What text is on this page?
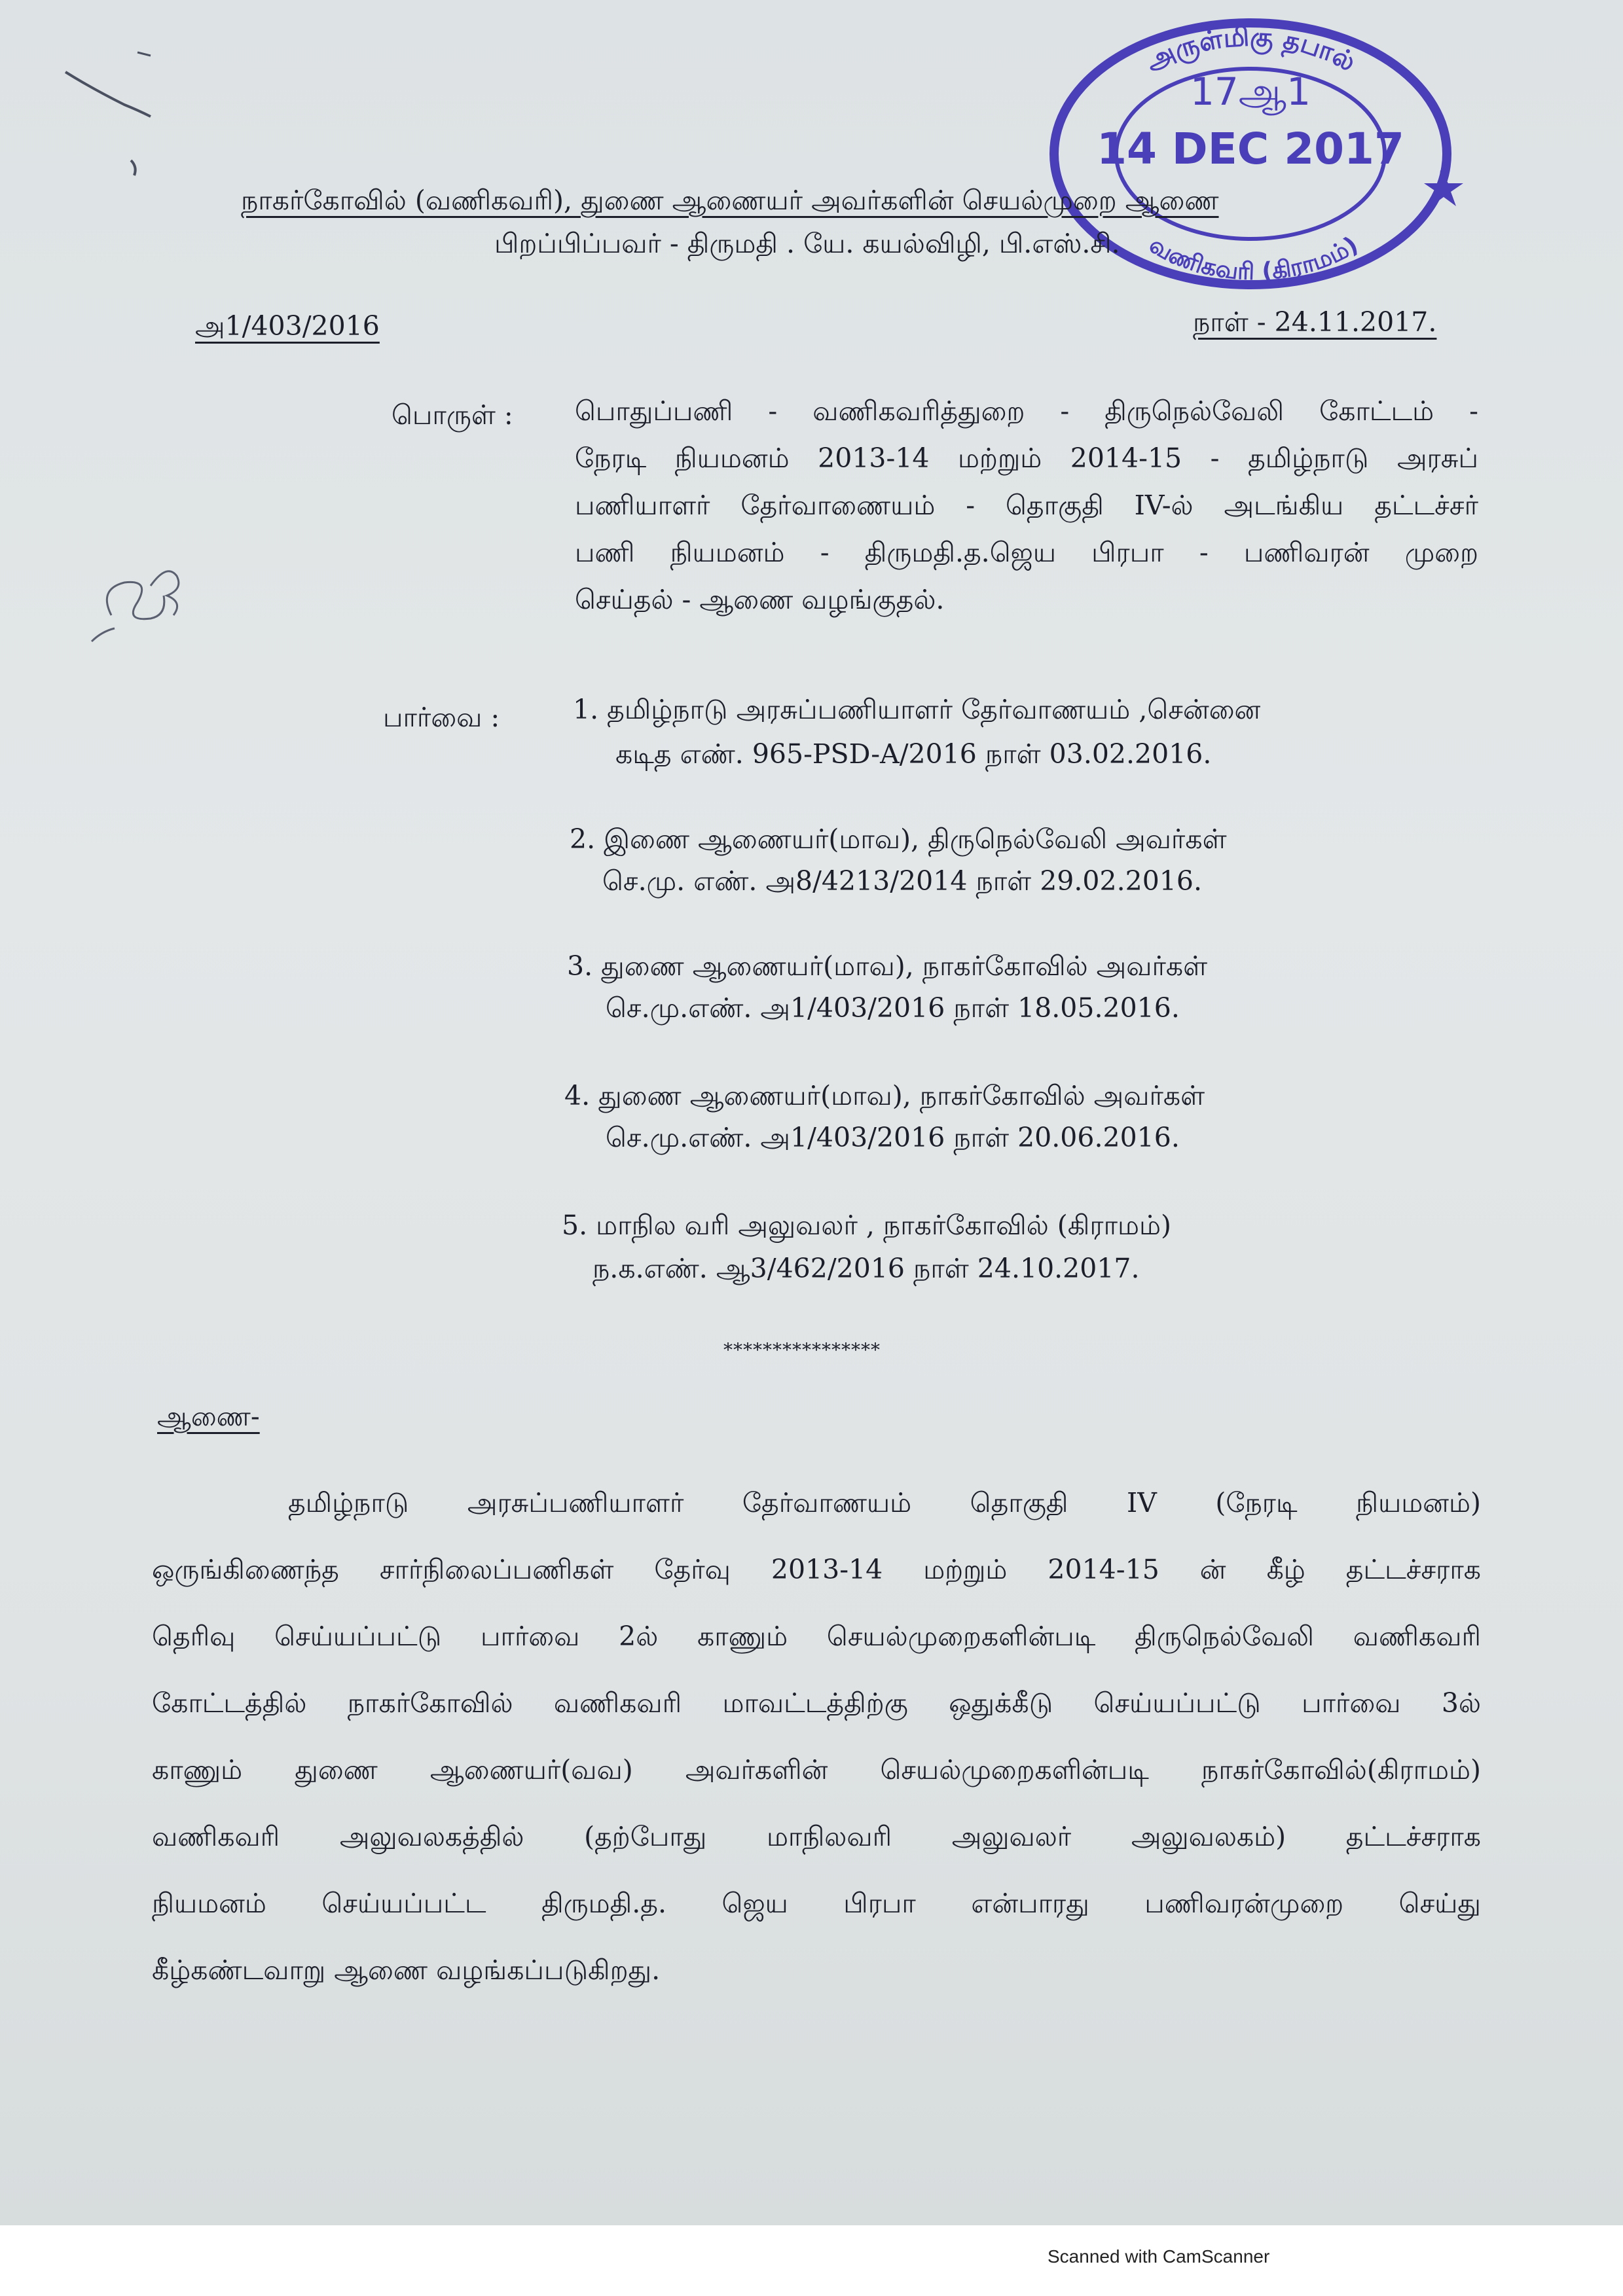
அருள்மிகு தபால்
வணிகவரி (கிராமம்)
17ஆ1
14 DEC 2017
நாகர்கோவில் (வணிகவரி), துணை ஆணையர் அவர்களின் செயல்முறை ஆணை
பிறப்பிப்பவர் - திருமதி . யே. கயல்விழி, பி.எஸ்.சி.
அ1/403/2016	நாள் - 24.11.2017.
பொருள் : பொதுப்பணி - வணிகவரித்துறை - திருநெல்வேலி கோட்டம் -
நேரடி நியமனம் 2013-14 மற்றும் 2014-15 - தமிழ்நாடு அரசுப்
பணியாளர் தேர்வாணையம் - தொகுதி IV-ல் அடங்கிய தட்டச்சர்
பணி நியமனம் - திருமதி.த.ஜெய பிரபா - பணிவரன் முறை
செய்தல் - ஆணை வழங்குதல்.
பார்வை :	1. தமிழ்நாடு அரசுப்பணியாளர் தேர்வாணயம் ,சென்னை
கடித எண். 965-PSD-A/2016 நாள் 03.02.2016.
2. இணை ஆணையர்(மாவ), திருநெல்வேலி அவர்கள்
செ.மு. எண். அ8/4213/2014 நாள் 29.02.2016.
3. துணை ஆணையர்(மாவ), நாகர்கோவில் அவர்கள்
செ.மு.எண். அ1/403/2016 நாள் 18.05.2016.
4. துணை ஆணையர்(மாவ), நாகர்கோவில் அவர்கள்
செ.மு.எண். அ1/403/2016 நாள் 20.06.2016.
5. மாநில வரி அலுவலர் , நாகர்கோவில் (கிராமம்)
ந.க.எண். ஆ3/462/2016 நாள் 24.10.2017.
****************
ஆணை-
தமிழ்நாடு அரசுப்பணியாளர் தேர்வாணயம் தொகுதி IV (நேரடி நியமனம்)
ஒருங்கிணைந்த சார்நிலைப்பணிகள் தேர்வு 2013-14 மற்றும் 2014-15 ன் கீழ் தட்டச்சராக
தெரிவு செய்யப்பட்டு பார்வை 2ல் காணும் செயல்முறைகளின்படி திருநெல்வேலி வணிகவரி
கோட்டத்தில் நாகர்கோவில் வணிகவரி மாவட்டத்திற்கு ஒதுக்கீடு செய்யப்பட்டு பார்வை 3ல்
காணும் துணை ஆணையர்(வவ) அவர்களின் செயல்முறைகளின்படி நாகர்கோவில்(கிராமம்)
வணிகவரி அலுவலகத்தில் (தற்போது மாநிலவரி அலுவலர் அலுவலகம்) தட்டச்சராக
நியமனம் செய்யப்பட்ட திருமதி.த. ஜெய பிரபா என்பாரது பணிவரன்முறை செய்து
கீழ்கண்டவாறு ஆணை வழங்கப்படுகிறது.
Scanned with CamScanner
